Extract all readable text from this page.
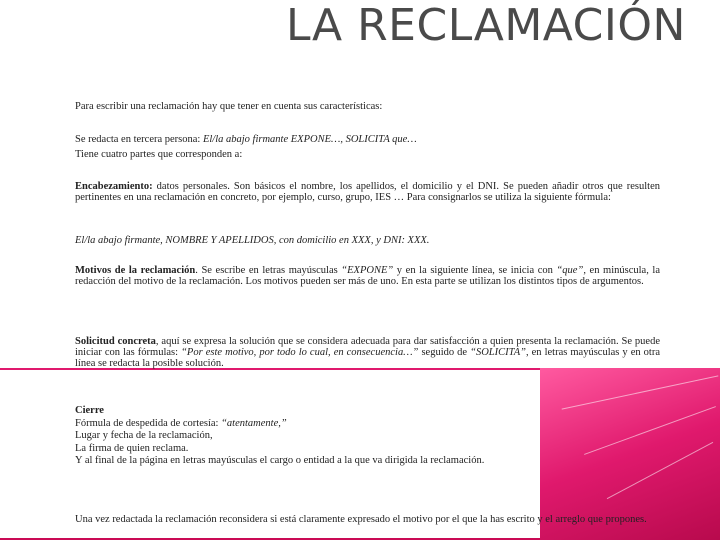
LA RECLAMACIÓN

Para escribir una reclamación hay que tener en cuenta sus características:

Se redacta en tercera persona: El/la abajo firmante EXPONE…, SOLICITA que…

Tiene cuatro partes que corresponden a:

Encabezamiento: datos personales. Son básicos el nombre, los apellidos, el domicilio y el DNI. Se pueden añadir otros que resulten pertinentes en una reclamación en concreto, por ejemplo, curso, grupo, IES … Para consignarlos se utiliza la siguiente fórmula:

El/la abajo firmante, NOMBRE Y APELLIDOS, con domicilio en XXX, y DNI: XXX.

Motivos de la reclamación. Se escribe en letras mayúsculas “EXPONE” y en la siguiente línea, se inicia con “que”, en minúscula, la redacción del motivo de la reclamación. Los motivos pueden ser más de uno. En esta parte se utilizan los distintos tipos de argumentos.

Solicitud concreta, aquí se expresa la solución que se considera adecuada para dar satisfacción a quien presenta la reclamación. Se puede iniciar con las fórmulas: “Por este motivo, por todo lo cual, en consecuencia…” seguido de “SOLICITA”, en letras mayúsculas y en otra línea se redacta la posible solución.

Cierre
Fórmula de despedida de cortesía: “atentamente,”
Lugar y fecha de la reclamación,
La firma de quien reclama.
Y al final de la página en letras mayúsculas el cargo o entidad a la que va dirigida la reclamación.

Una vez redactada la reclamación reconsidera si está claramente expresado el motivo por el que la has escrito y el arreglo que propones.
